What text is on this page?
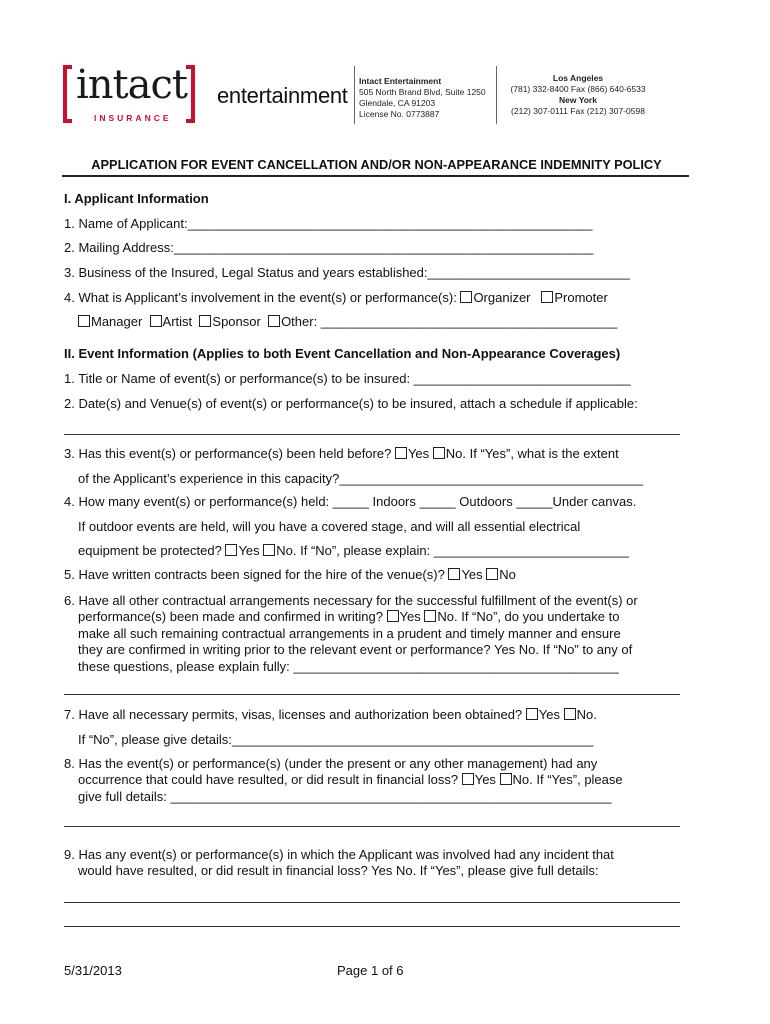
intact
INSURANCE
entertainment
Intact Entertainment
505 North Brand Blvd, Suite 1250
Glendale, CA 91203
License No. 0773887
Los Angeles
(781) 332-8400 Fax (866) 640-6533
New York
(212) 307-0111 Fax (212) 307-0598
APPLICATION FOR EVENT CANCELLATION AND/OR NON-APPEARANCE INDEMNITY POLICY
I. Applicant Information
1. Name of Applicant:________________________________________________________
2. Mailing Address:__________________________________________________________
3. Business of the Insured, Legal Status and years established:____________________________
4. What is Applicant’s involvement in the event(s) or performance(s): Organizer Promoter
Manager Artist Sponsor Other: _________________________________________
II. Event Information (Applies to both Event Cancellation and Non-Appearance Coverages)
1. Title or Name of event(s) or performance(s) to be insured: ______________________________
2. Date(s) and Venue(s) of event(s) or performance(s) to be insured, attach a schedule if applicable:
3. Has this event(s) or performance(s) been held before? Yes No. If “Yes”, what is the extent
of the Applicant’s experience in this capacity?__________________________________________
4. How many event(s) or performance(s) held: _____ Indoors _____ Outdoors _____Under canvas.
If outdoor events are held, will you have a covered stage, and will all essential electrical
equipment be protected? Yes No. If “No”, please explain: ___________________________
5. Have written contracts been signed for the hire of the venue(s)? Yes No
6. Have all other contractual arrangements necessary for the successful fulfillment of the event(s) or
performance(s) been made and confirmed in writing? Yes No. If “No”, do you undertake to
make all such remaining contractual arrangements in a prudent and timely manner and ensure
they are confirmed in writing prior to the relevant event or performance? Yes No. If “No” to any of
these questions, please explain fully: _____________________________________________
7. Have all necessary permits, visas, licenses and authorization been obtained? Yes No.
If “No”, please give details:__________________________________________________
8. Has the event(s) or performance(s) (under the present or any other management) had any
occurrence that could have resulted, or did result in financial loss? Yes No. If “Yes”, please
give full details: _____________________________________________________________
9. Has any event(s) or performance(s) in which the Applicant was involved had any incident that
would have resulted, or did result in financial loss? Yes No. If “Yes”, please give full details:
5/31/2013	Page 1 of 6
